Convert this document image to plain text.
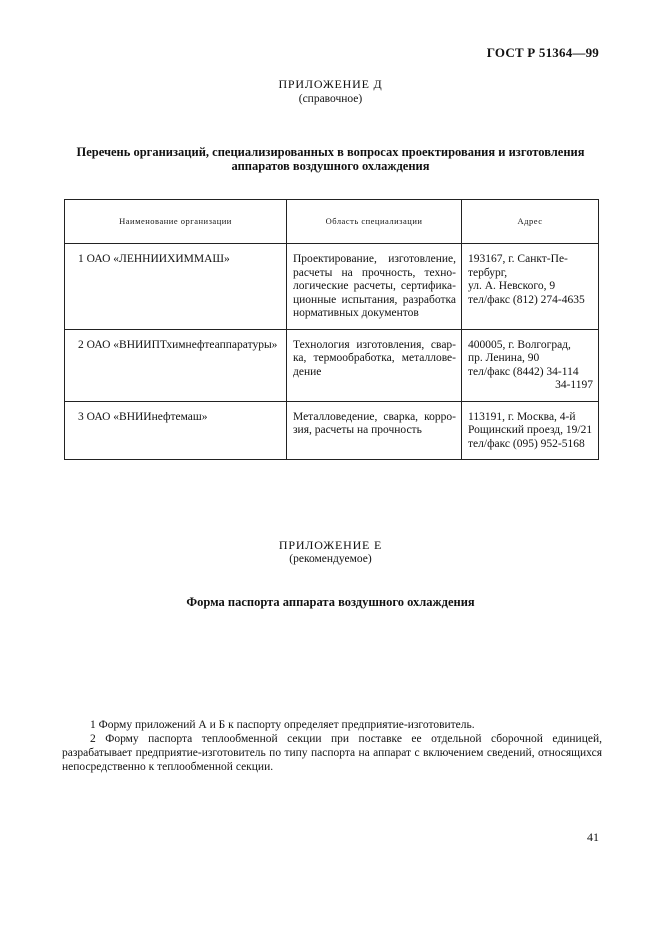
ГОСТ Р 51364—99
ПРИЛОЖЕНИЕ Д
(справочное)
Перечень организаций, специализированных в вопросах проектирования и изготовления
аппаратов воздушного охлаждения
Наименование организации	Область специализации	Адрес
1 ОАО «ЛЕННИИХИММАШ»	Проектирование, изготовление, расчеты на прочность, техно-логические расчеты, сертифика-ционные испытания, разработка нормативных документов	193167, г. Санкт-Пе-
тербург,
ул. А. Невского, 9
тел/факс (812) 274-4635

2 ОАО «ВНИИПТхимнефтеаппаратуры»	Технология изготовления, свар-ка, термообработка, металлове-дение	400005, г. Волгоград,
пр. Ленина, 90
тел/факс (8442) 34-114
34-1197

3 ОАО «ВНИИнефтемаш»	Металловедение, сварка, корро-зия, расчеты на прочность	113191, г. Москва, 4-й
Рощинский проезд, 19/21
тел/факс (095) 952-5168
ПРИЛОЖЕНИЕ Е
(рекомендуемое)
Форма паспорта аппарата воздушного охлаждения

1 Форму приложений А и Б к паспорту определяет предприятие-изготовитель.

2 Форму паспорта теплообменной секции при поставке ее отдельной сборочной единицей, разрабатывает предприятие-изготовитель по типу паспорта на аппарат с включением сведений, относящихся непосредственно к теплообменной секции.

41
